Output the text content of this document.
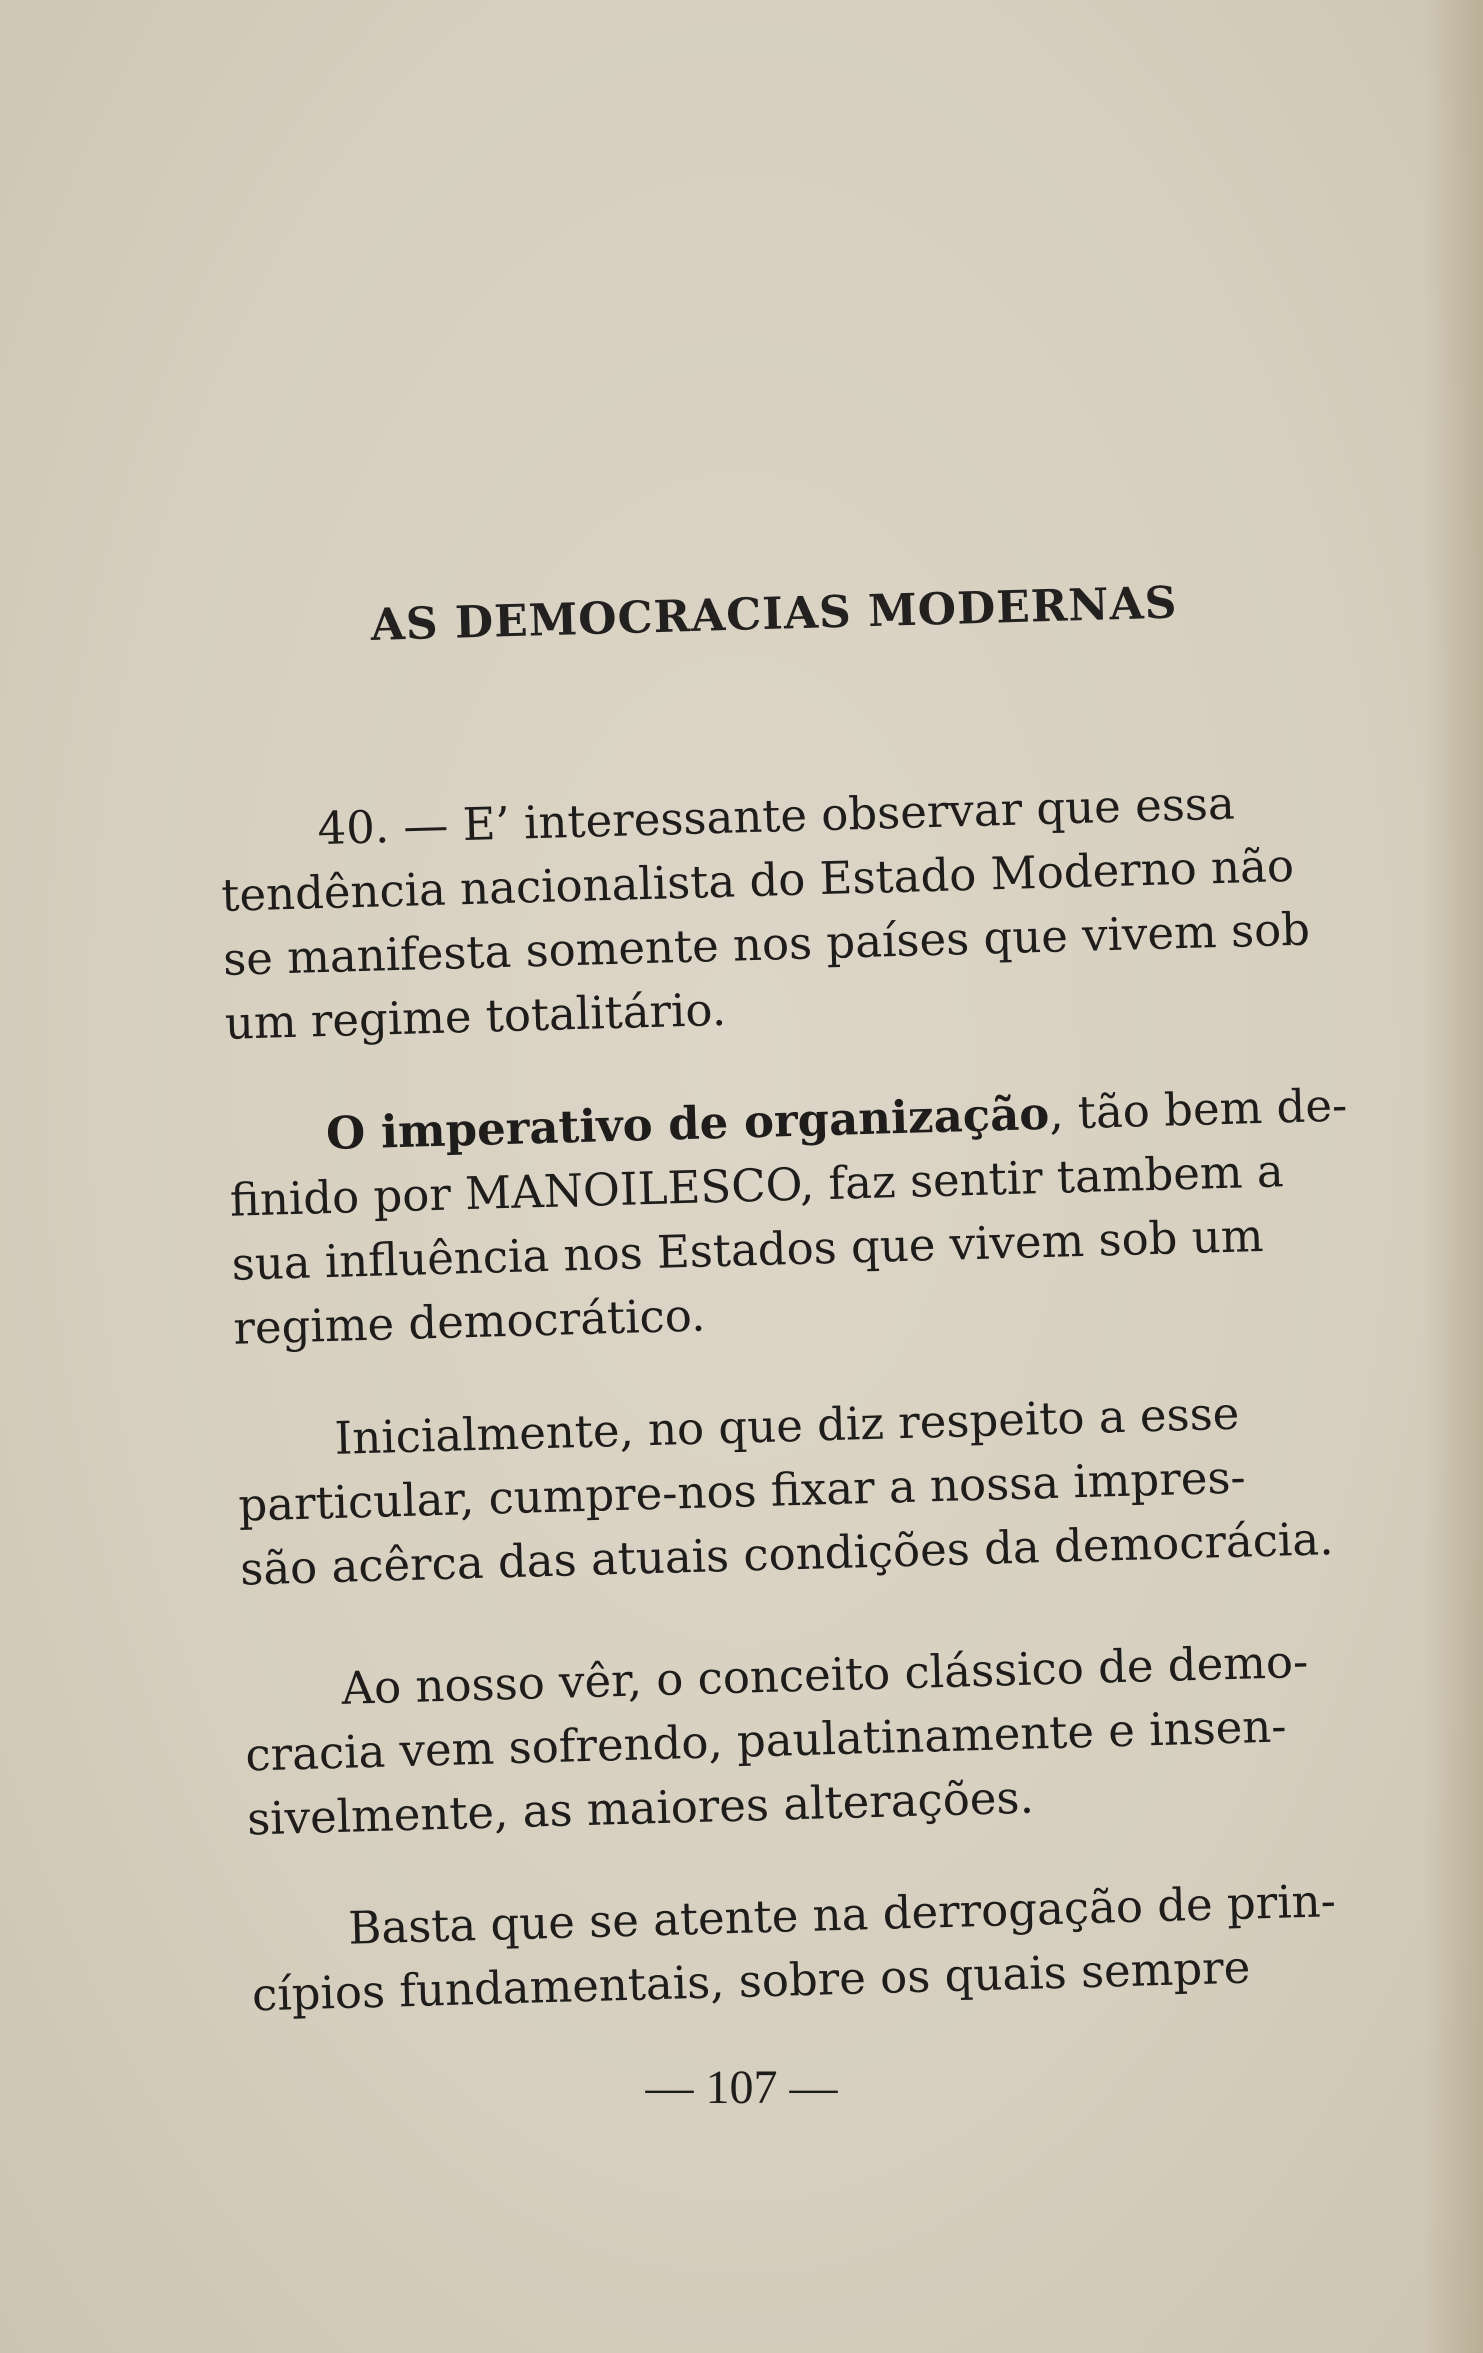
AS DEMOCRACIAS MODERNAS
40. — E’ interessante observar que essa
tendência nacionalista do Estado Moderno não
se manifesta somente nos países que vivem sob
um regime totalitário.
O imperativo de organização, tão bem de-
finido por MANOILESCO, faz sentir tambem a
sua influência nos Estados que vivem sob um
regime democrático.
Inicialmente, no que diz respeito a esse
particular, cumpre-nos fixar a nossa impres-
são acêrca das atuais condições da democrácia.
Ao nosso vêr, o conceito clássico de demo-
cracia vem sofrendo, paulatinamente e insen-
sivelmente, as maiores alterações.
Basta que se atente na derrogação de prin-
cípios fundamentais, sobre os quais sempre
— 107 —
